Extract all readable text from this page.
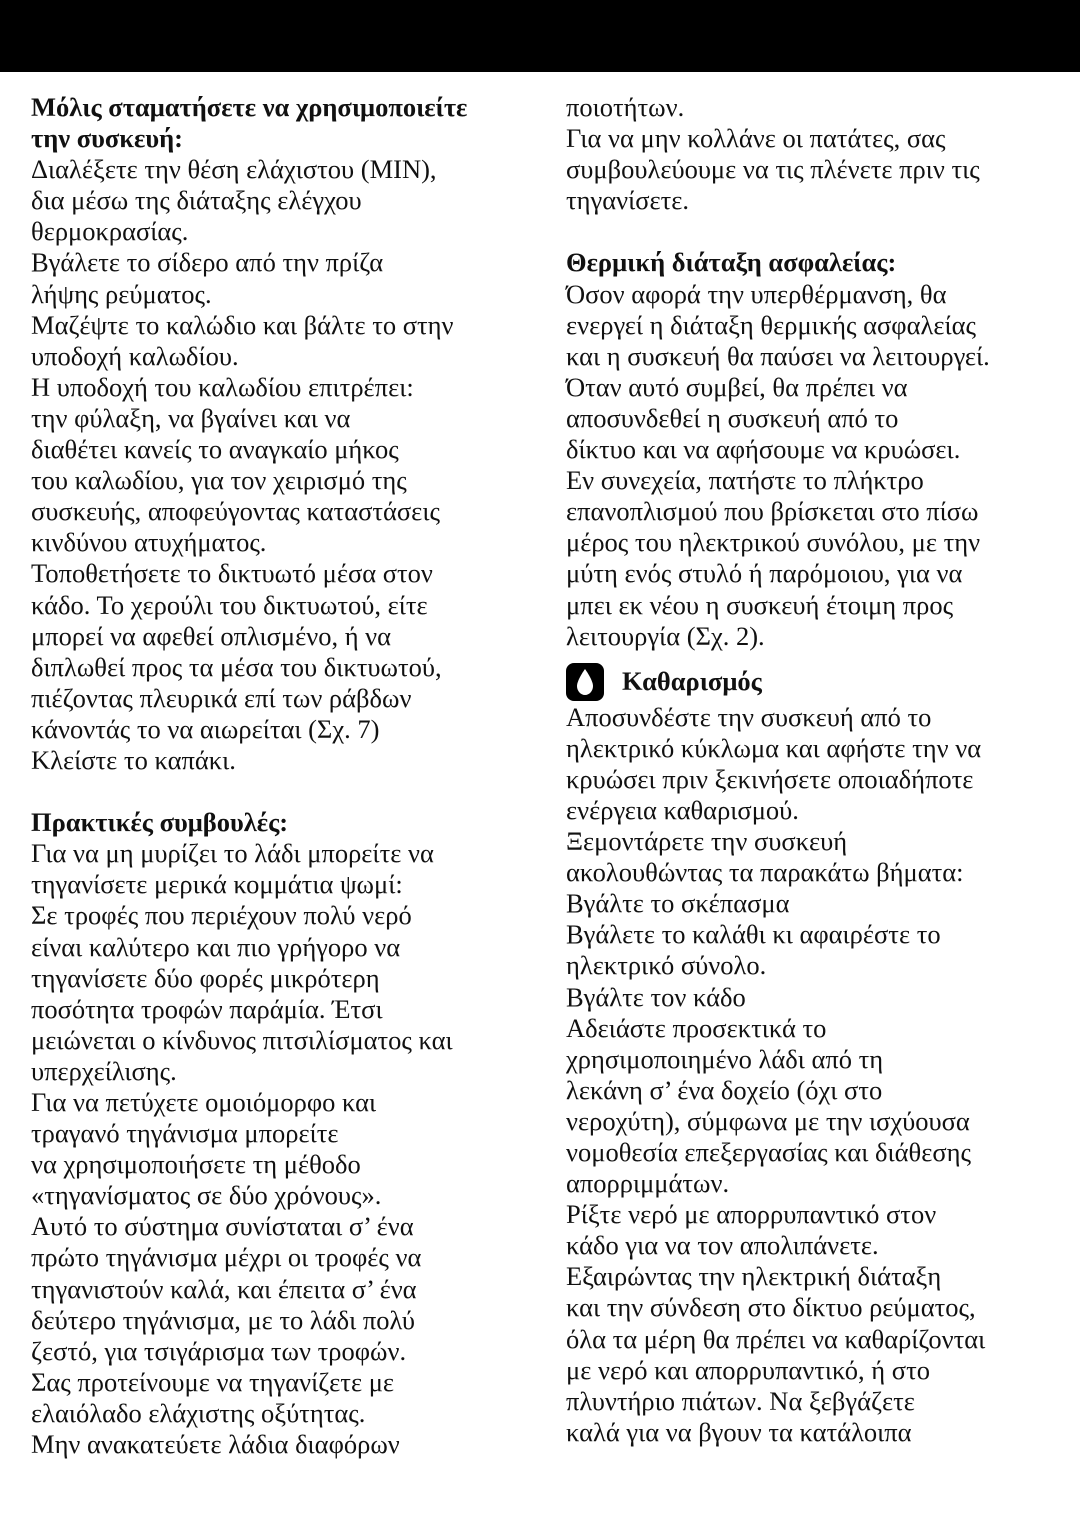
Μόλις σταματήσετε να χρησιμοποιείτε
την συσκευή:
Διαλέξετε την θέση ελάχιστου (MIN),
δια μέσω της διάταξης ελέγχου
θερμοκρασίας.
Βγάλετε το σίδερο από την πρίζα
λήψης ρεύματος.
Μαζέψτε το καλώδιο και βάλτε το στην
υποδοχή καλωδίου.
Η υποδοχή του καλωδίου επιτρέπει:
την φύλαξη, να βγαίνει και να
διαθέτει κανείς το αναγκαίο μήκος
του καλωδίου, για τον χειρισμό της
συσκευής, αποφεύγοντας καταστάσεις
κινδύνου ατυχήματος.
Τοποθετήσετε το δικτυωτό μέσα στον
κάδο. Το χερούλι του δικτυωτού, είτε
μπορεί να αφεθεί οπλισμένο, ή να
διπλωθεί προς τα μέσα του δικτυωτού,
πιέζοντας πλευρικά επί των ράβδων
κάνοντάς το να αιωρείται (Σχ. 7)
Κλείστε το καπάκι.
Πρακτικές συμβουλές:
Για να μη μυρίζει το λάδι μπορείτε να
τηγανίσετε μερικά κομμάτια ψωμί:
Σε τροφές που περιέχουν πολύ νερό
είναι καλύτερο και πιο γρήγορο να
τηγανίσετε δύο φορές μικρότερη
ποσότητα τροφών παράμία. Έτσι
μειώνεται ο κίνδυνος πιτσιλίσματος και
υπερχείλισης.
Για να πετύχετε ομοιόμορφο και
τραγανό τηγάνισμα μπορείτε
να χρησιμοποιήσετε τη μέθοδο
«τηγανίσματος σε δύο χρόνους».
Αυτό το σύστημα συνίσταται σ’ ένα
πρώτο τηγάνισμα μέχρι οι τροφές να
τηγανιστούν καλά, και έπειτα σ’ ένα
δεύτερο τηγάνισμα, με το λάδι πολύ
ζεστό, για τσιγάρισμα των τροφών.
Σας προτείνουμε να τηγανίζετε με
ελαιόλαδο ελάχιστης οξύτητας.
Μην ανακατεύετε λάδια διαφόρων
ποιοτήτων.
Για να μην κολλάνε οι πατάτες, σας
συμβουλεύουμε να τις πλένετε πριν τις
τηγανίσετε.
Θερμική διάταξη ασφαλείας:
Όσον αφορά την υπερθέρμανση, θα
ενεργεί η διάταξη θερμικής ασφαλείας
και η συσκευή θα παύσει να λειτουργεί.
Όταν αυτό συμβεί, θα πρέπει να
αποσυνδεθεί η συσκευή από το
δίκτυο και να αφήσουμε να κρυώσει.
Εν συνεχεία, πατήστε το πλήκτρο
επανοπλισμού που βρίσκεται στο πίσω
μέρος του ηλεκτρικού συνόλου, με την
μύτη ενός στυλό ή παρόμοιου, για να
μπει εκ νέου η συσκευή έτοιμη προς
λειτουργία (Σχ. 2).
Καθαρισμός
Αποσυνδέστε την συσκευή από το
ηλεκτρικό κύκλωμα και αφήστε την να
κρυώσει πριν ξεκινήσετε οποιαδήποτε
ενέργεια καθαρισμού.
Ξεμοντάρετε την συσκευή
ακολουθώντας τα παρακάτω βήματα:
Βγάλτε το σκέπασμα
Βγάλετε το καλάθι κι αφαιρέστε το
ηλεκτρικό σύνολο.
Βγάλτε τον κάδο
Αδειάστε προσεκτικά το
χρησιμοποιημένο λάδι από τη
λεκάνη σ’ ένα δοχείο (όχι στο
νεροχύτη), σύμφωνα με την ισχύουσα
νομοθεσία επεξεργασίας και διάθεσης
απορριμμάτων.
Ρίξτε νερό με απορρυπαντικό στον
κάδο για να τον απολιπάνετε.
Εξαιρώντας την ηλεκτρική διάταξη
και την σύνδεση στο δίκτυο ρεύματος,
όλα τα μέρη θα πρέπει να καθαρίζονται
με νερό και απορρυπαντικό, ή στο
πλυντήριο πιάτων. Να ξεβγάζετε
καλά για να βγουν τα κατάλοιπα
